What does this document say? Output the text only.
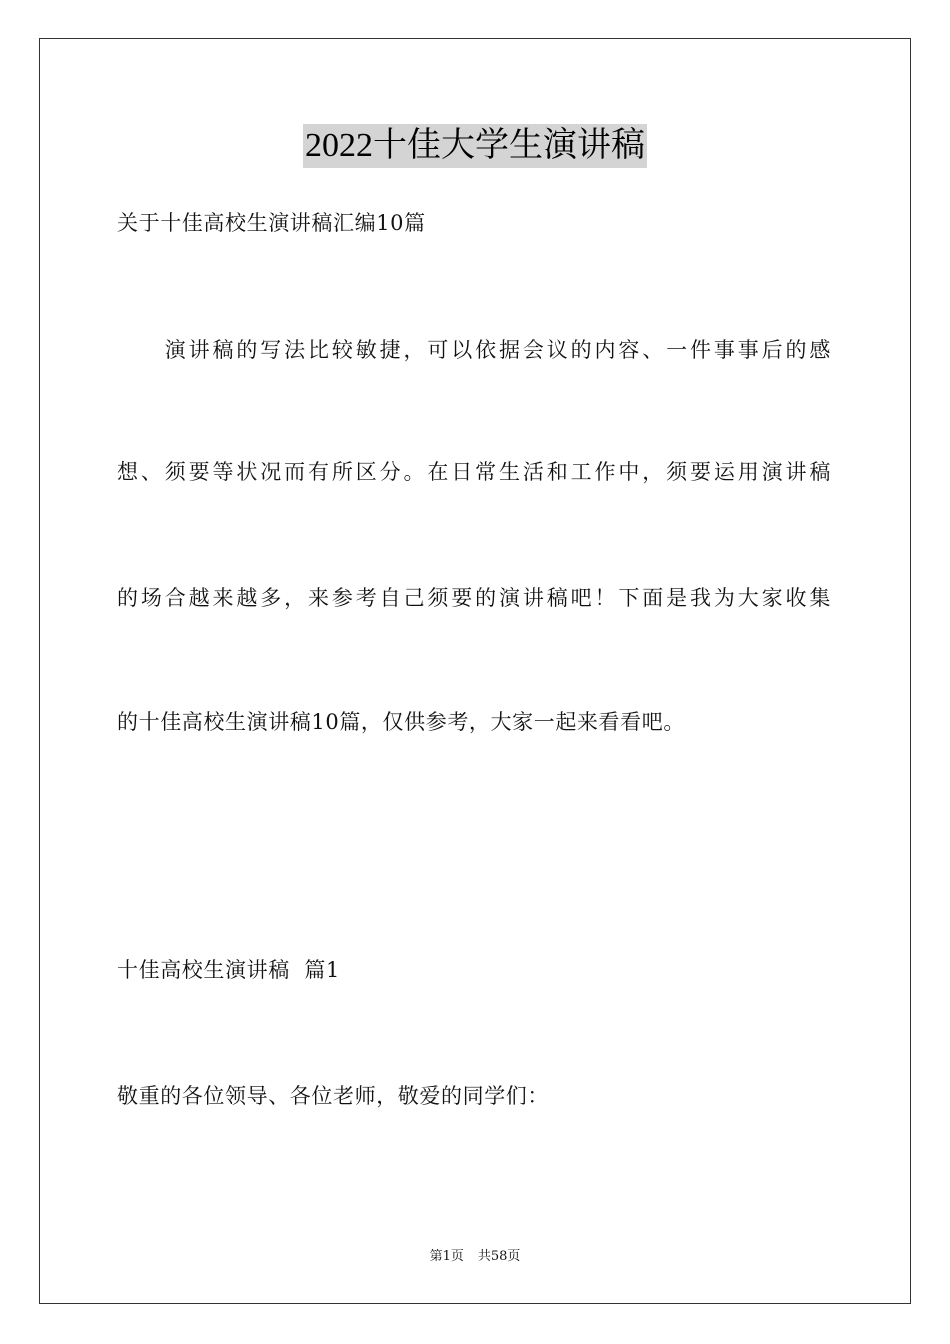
2022十佳大学生演讲稿
关于十佳高校生演讲稿汇编10篇
　　演讲稿的写法比较敏捷，可以依据会议的内容、一件事事后的感
想、须要等状况而有所区分。在日常生活和工作中，须要运用演讲稿
的场合越来越多，来参考自己须要的演讲稿吧！下面是我为大家收集
的十佳高校生演讲稿10篇，仅供参考，大家一起来看看吧。
十佳高校生演讲稿  篇1
敬重的各位领导、各位老师，敬爱的同学们：
第1页 共58页
